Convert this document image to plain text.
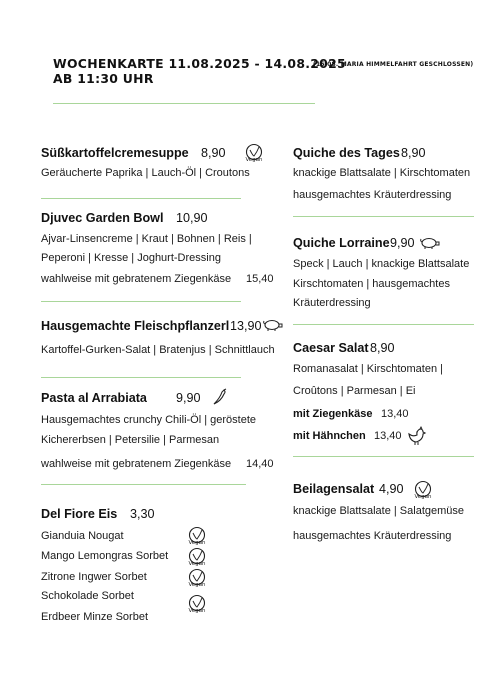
WOCHENKARTE 11.08.2025 - 14.08.2025
(15.08. MARIA HIMMELFAHRT GESCHLOSSEN)
AB 11:30 UHR
Süßkartoffelcremesuppe 8,90	Vegan
Geräucherte Paprika | Lauch-Öl | Croutons
Djuvec Garden Bowl 10,90
Ajvar-Linsencreme | Kraut | Bohnen | Reis |
Peperoni | Kresse | Joghurt-Dressing
wahlweise mit gebratenem Ziegenkäse 15,40
Hausgemachte Fleischpflanzerl 13,90
Kartoffel-Gurken-Salat | Bratenjus | Schnittlauch
Pasta al Arrabiata 9,90
Hausgemachtes crunchy Chili-Öl | geröstete
Kichererbsen | Petersilie | Parmesan
wahlweise mit gebratenem Ziegenkäse 14,40
Del Fiore Eis 3,30
Gianduia Nougat
Mango Lemongras Sorbet
Zitrone Ingwer Sorbet
Schokolade Sorbet
Erdbeer Minze Sorbet
Vegan
Vegan
Vegan
Vegan
Quiche des Tages 8,90
knackige Blattsalate | Kirschtomaten
hausgemachtes Kräuterdressing
Quiche Lorraine 9,90
Speck | Lauch | knackige Blattsalate
Kirschtomaten | hausgemachtes
Kräuterdressing
Caesar Salat 8,90
Romanasalat | Kirschtomaten |
Croûtons | Parmesan | Ei
mit Ziegenkäse 13,40
mit Hähnchen 13,40
Beilagensalat 4,90
Vegan
knackige Blattsalate | Salatgemüse
hausgemachtes Kräuterdressing
